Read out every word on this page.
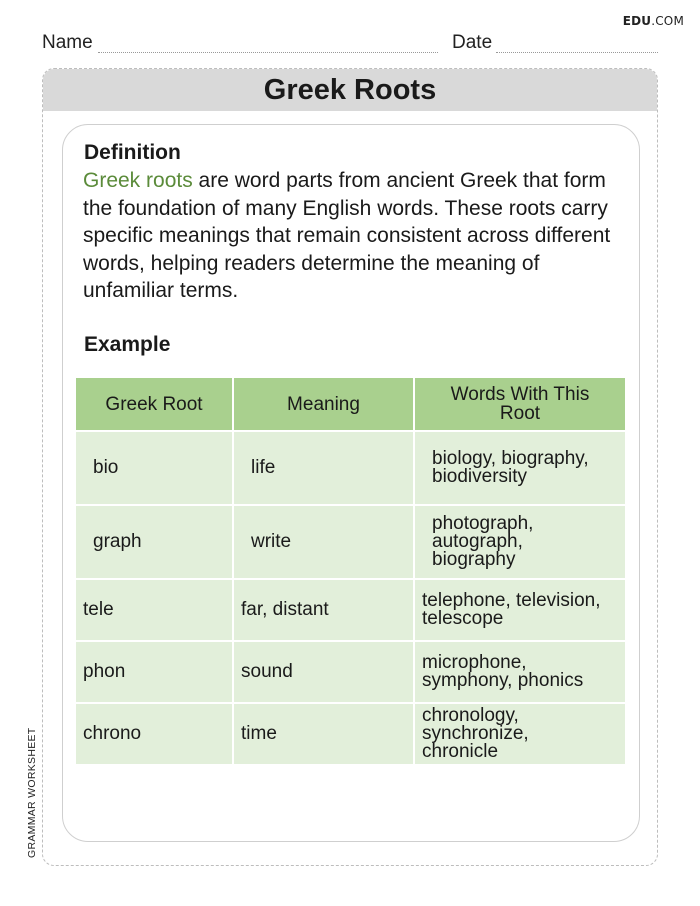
EDU.COM
Name	Date
Greek Roots
Definition
Greek roots are word parts from ancient Greek that form the foundation of many English words. These roots carry specific meanings that remain consistent across different words, helping readers determine the meaning of unfamiliar terms.
Example
Greek Root	Meaning	Words With This Root
bio	life	biology, biography, biodiversity
graph	write	photograph, autograph, biography
tele	far, distant	telephone, television, telescope
phon	sound	microphone, symphony, phonics
chrono	time	chronology, synchronize, chronicle
GRAMMAR WORKSHEET
